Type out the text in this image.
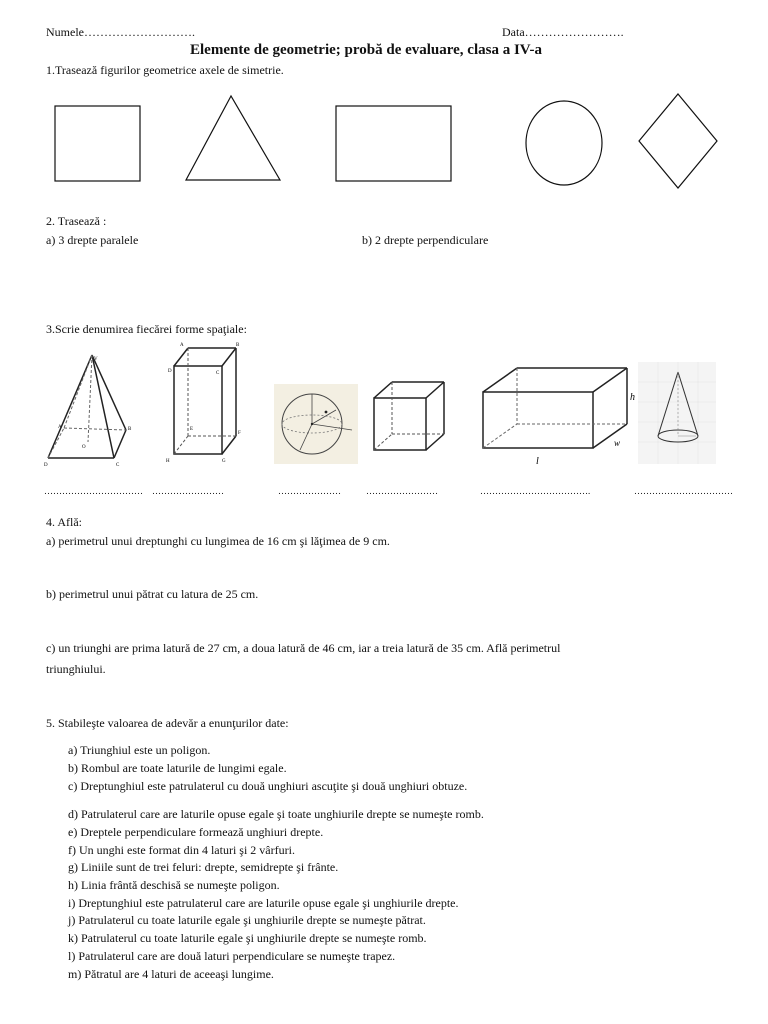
Numele……………………….	Data…………………….
Elemente de geometrie; probă de evaluare, clasa a IV-a
1.Trasează figurilor geometrice axele de simetrie.
2. Trasează :
a) 3 drepte paralele	b) 2 drepte perpendiculare
3.Scrie denumirea fiecărei forme spaţiale:
V
A	B
C
D
O
A	B
C
D
E
F
G
H
h
w
l
…………………………… ……………………	…………………	……………………	……………………………….	……………………………
4. Află:
a) perimetrul unui dreptunghi cu lungimea de 16 cm şi lăţimea de 9 cm.
b) perimetrul unui pătrat cu latura de 25 cm.
c) un triunghi are prima latură de 27 cm, a doua latură de 46 cm, iar a treia latură de 35 cm. Află perimetrul
triunghiului.
5. Stabileşte valoarea de adevăr a enunţurilor date:
a) Triunghiul este un poligon.
b) Rombul are toate laturile de lungimi egale.
c) Dreptunghiul este patrulaterul cu două unghiuri ascuţite şi două unghiuri obtuze.
d) Patrulaterul care are laturile opuse egale şi toate unghiurile drepte se numeşte romb.
e) Dreptele perpendiculare formează unghiuri drepte.
f) Un unghi este format din 4 laturi şi 2 vârfuri.
g) Liniile sunt de trei feluri: drepte, semidrepte şi frânte.
h) Linia frântă deschisă se numeşte poligon.
i) Dreptunghiul este patrulaterul care are laturile opuse egale şi unghiurile drepte.
j) Patrulaterul cu toate laturile egale şi unghiurile drepte se numeşte pătrat.
k) Patrulaterul cu toate laturile egale şi unghiurile drepte se numeşte romb.
l) Patrulaterul care are două laturi perpendiculare se numeşte trapez.
m) Pătratul are 4 laturi de aceeaşi lungime.
